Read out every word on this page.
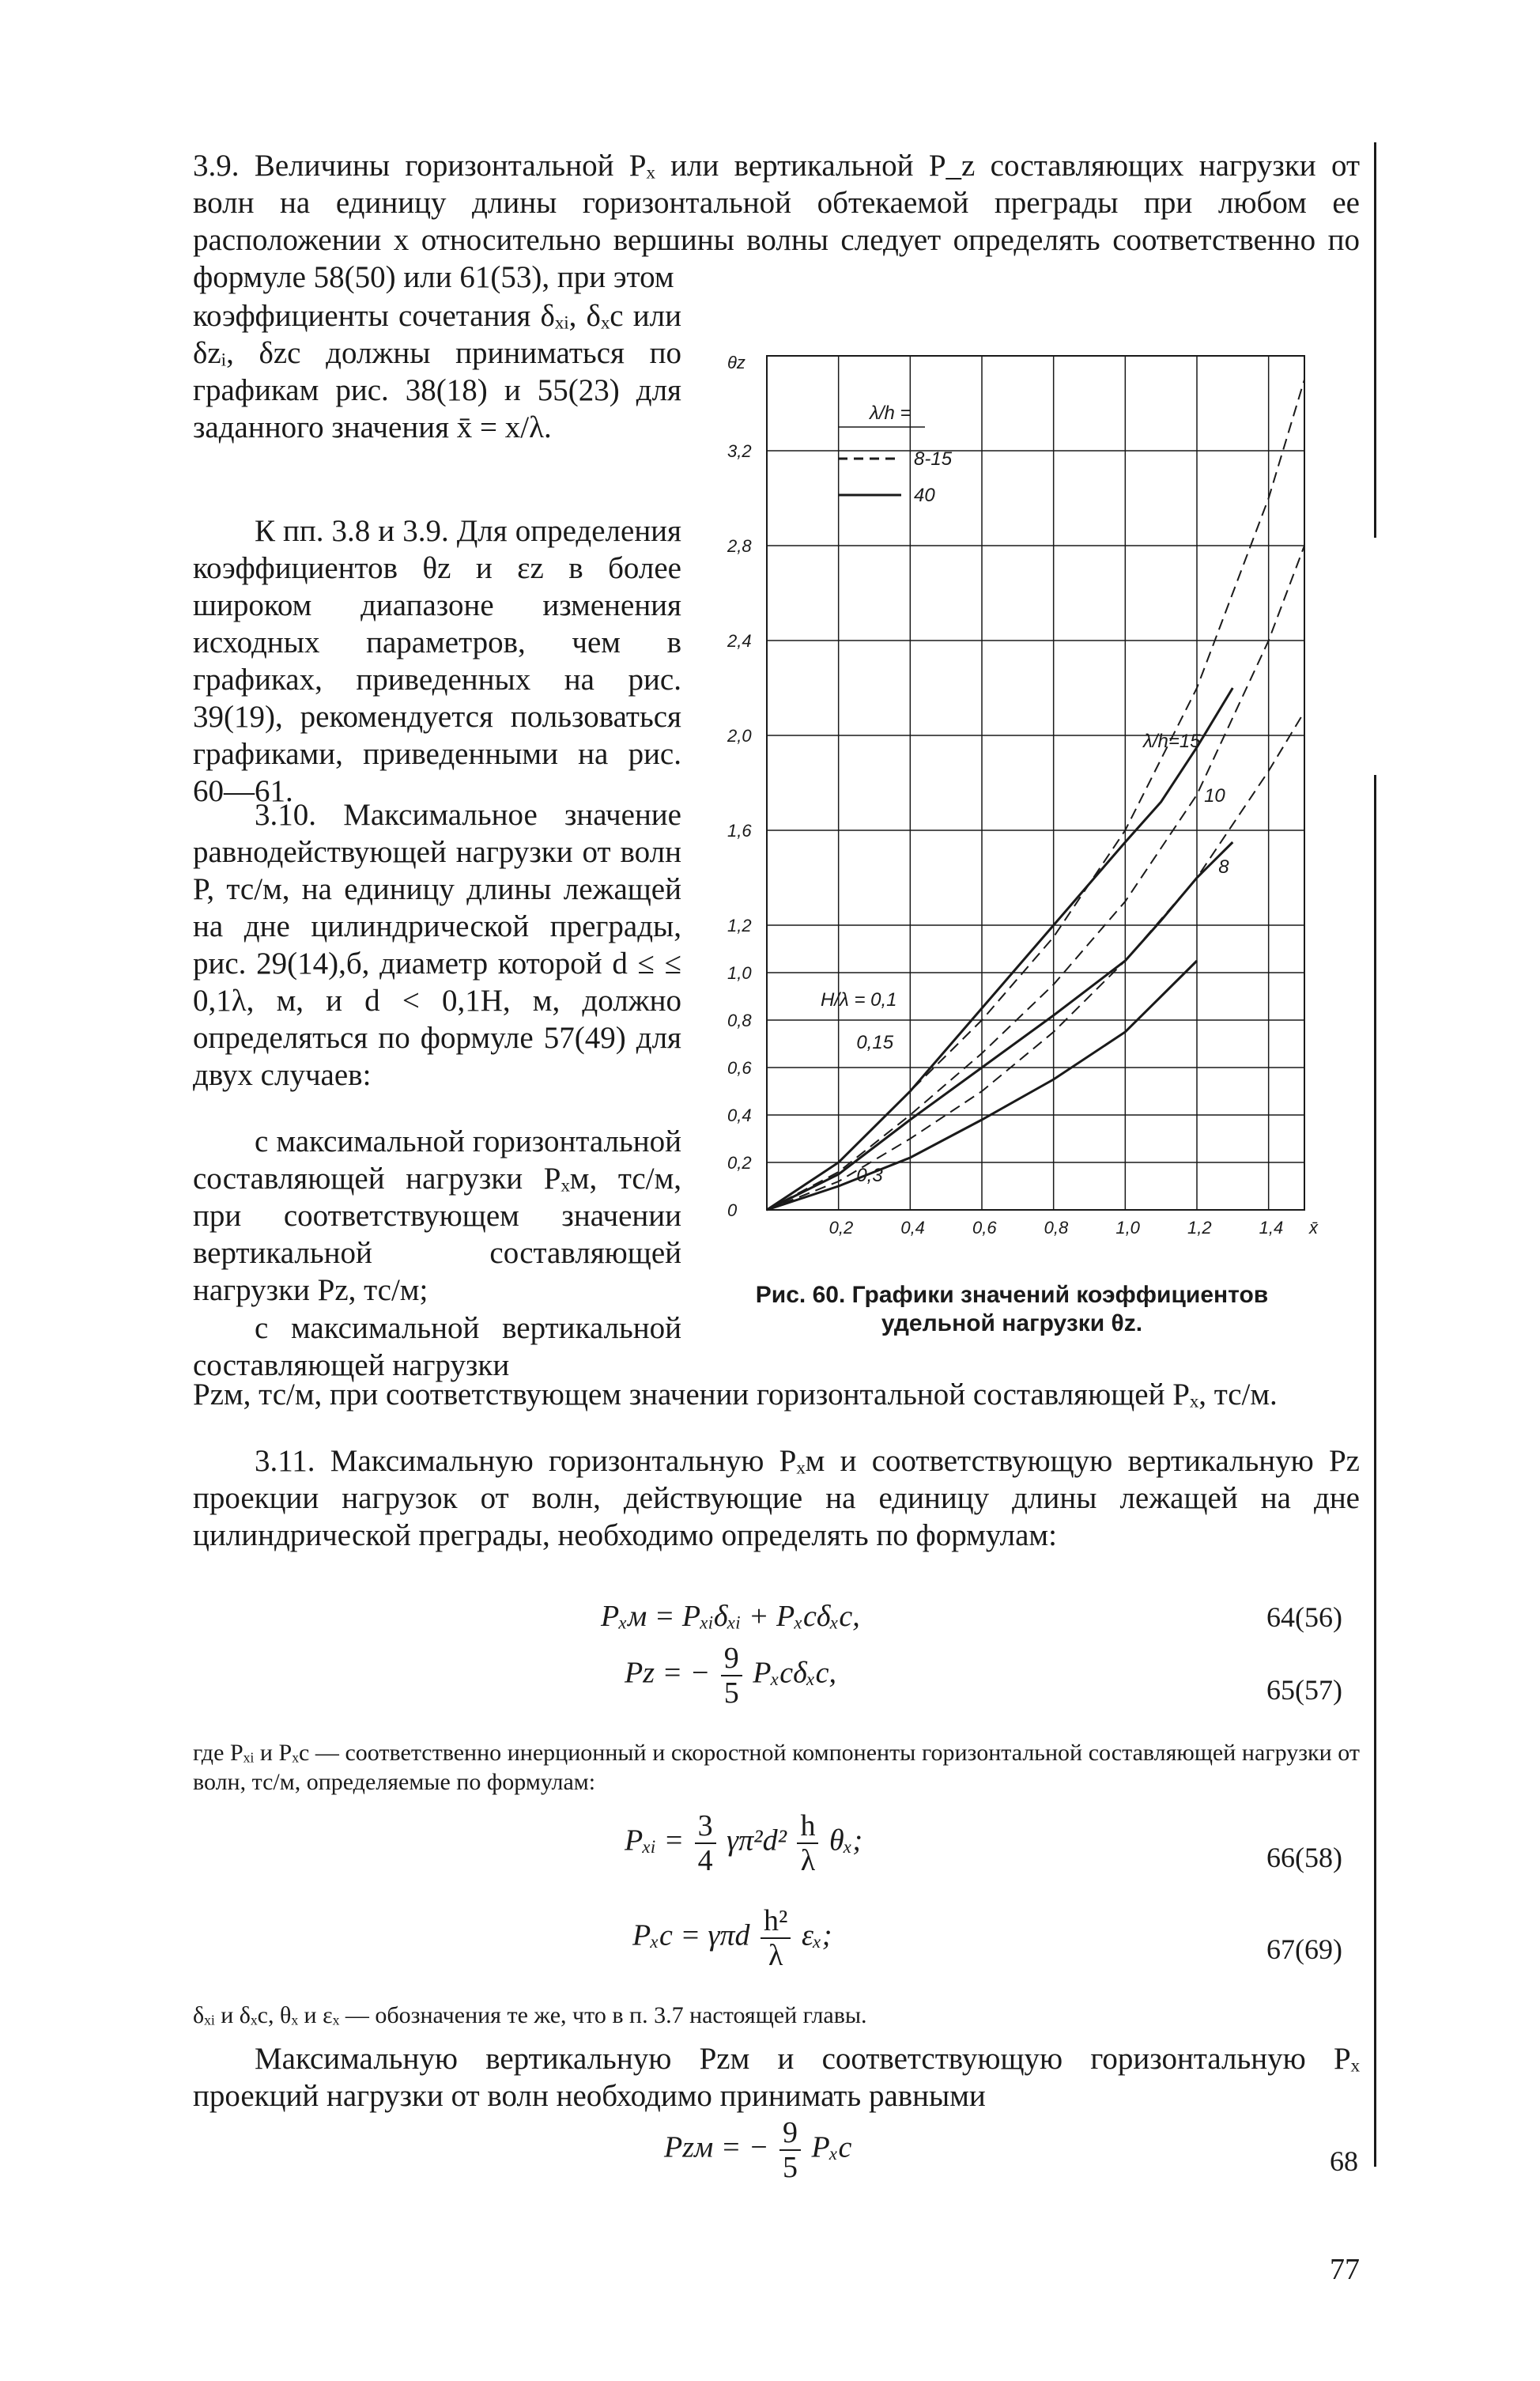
3.9. Величины горизонтальной Pₓ или вертикальной P_z составляющих нагрузки от волн на единицу длины горизонтальной обтекаемой преграды при любом ее расположении x относительно вершины волны следует определять соответственно по формуле 58(50) или 61(53), при этом

коэффициенты сочетания δₓᵢ, δₓc или δzᵢ, δzc должны приниматься по графикам рис. 38(18) и 55(23) для заданного значения x̄ = x/λ.

К пп. 3.8 и 3.9. Для определения коэффициентов θz и εz в более широком диапазоне изменения исходных параметров, чем в графиках, приведенных на рис. 39(19), рекомендуется пользоваться графиками, приведенными на рис. 60—61.

3.10. Максимальное значение равнодействующей нагрузки от волн P, тс/м, на единицу длины лежащей на дне цилиндрической преграды, рис. 29(14),б, диаметр которой d ≤ ≤ 0,1λ, м, и d < 0,1H, м, должно определяться по формуле 57(49) для двух случаев:

с максимальной горизонтальной составляющей нагрузки Pₓм, тс/м, при соответствующем значении вертикальной составляющей нагрузки Pz, тс/м;

с максимальной вертикальной составляющей нагрузки

Pzм, тс/м, при соответствующем значении горизонтальной составляющей Pₓ, тс/м.

3.11. Максимальную горизонтальную Pₓм и соответствующую вертикальную Pz проекции нагрузок от волн, действующие на единицу длины лежащей на дне цилиндрической преграды, необходимо определять по формулам:

Pₓм = Pₓᵢδₓᵢ + Pₓcδₓc,	64(56)
Pz = − $\frac{9}{5} P_xc\delta_xc$,
65(57)

где Pₓᵢ и Pₓc — соответственно инерционный и скоростной компоненты горизонтальной составляющей нагрузки от волн, тс/м, определяемые по формулам:

Pₓᵢ = $\frac{3}{4} \gamma\pi^2d^2 \frac{h}{\lambda} \theta_x$;
66(58)
Pₓc = γπd $\frac{\text{h²}}{\lambda} \varepsilon_x$;	67(69)

δₓᵢ и δₓc, θₓ и εₓ — обозначения те же, что в п. 3.7 настоящей главы.

Максимальную вертикальную Pzм и соответствующую горизонтальную Pₓ проекций нагрузки от волн необходимо принимать равными

Pzм = − $\frac{9}{5}$ Pₓc	68
77
0,2	0,4	0,6	0,8	1,0	1,2	1,4 x̄
0
0,2
0,4
0,6
0,8
1,0
1,2
1,6
2,0
2,4
2,8
3,2
θz
λ/h =
8-15
40
λ/h=15
10
8
H/λ = 0,1
0,15
0,3
Рис. 60. Графики значений коэффициентов
удельной нагрузки θz.
